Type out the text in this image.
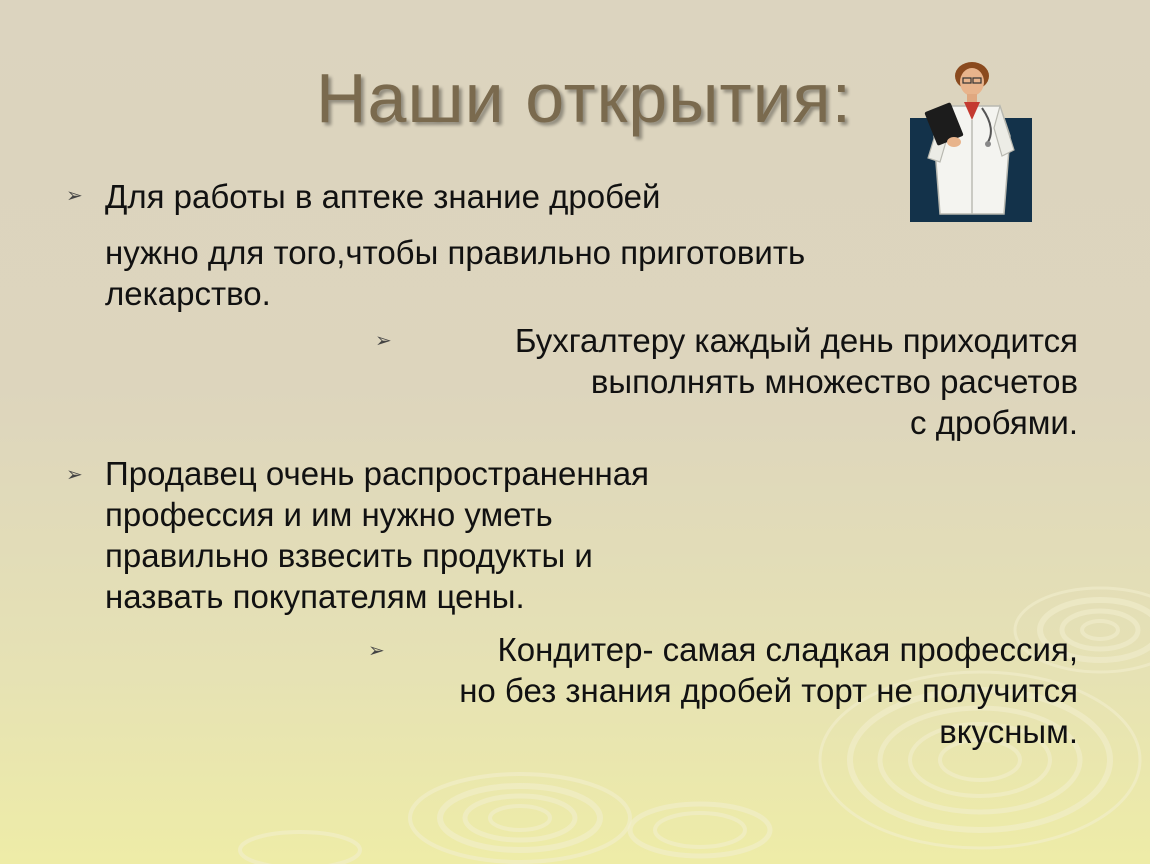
Наши открытия:
➢ Для работы в аптеке знание дробей
нужно для того,чтобы правильно приготовить
лекарство.
➢	Бухгалтеру каждый день приходится
выполнять множество расчетов
с дробями.
➢ Продавец очень распространенная
профессия и им нужно уметь
правильно взвесить продукты и
назвать покупателям цены.
➢	Кондитер- самая сладкая профессия,
но без знания дробей торт не получится
вкусным.
